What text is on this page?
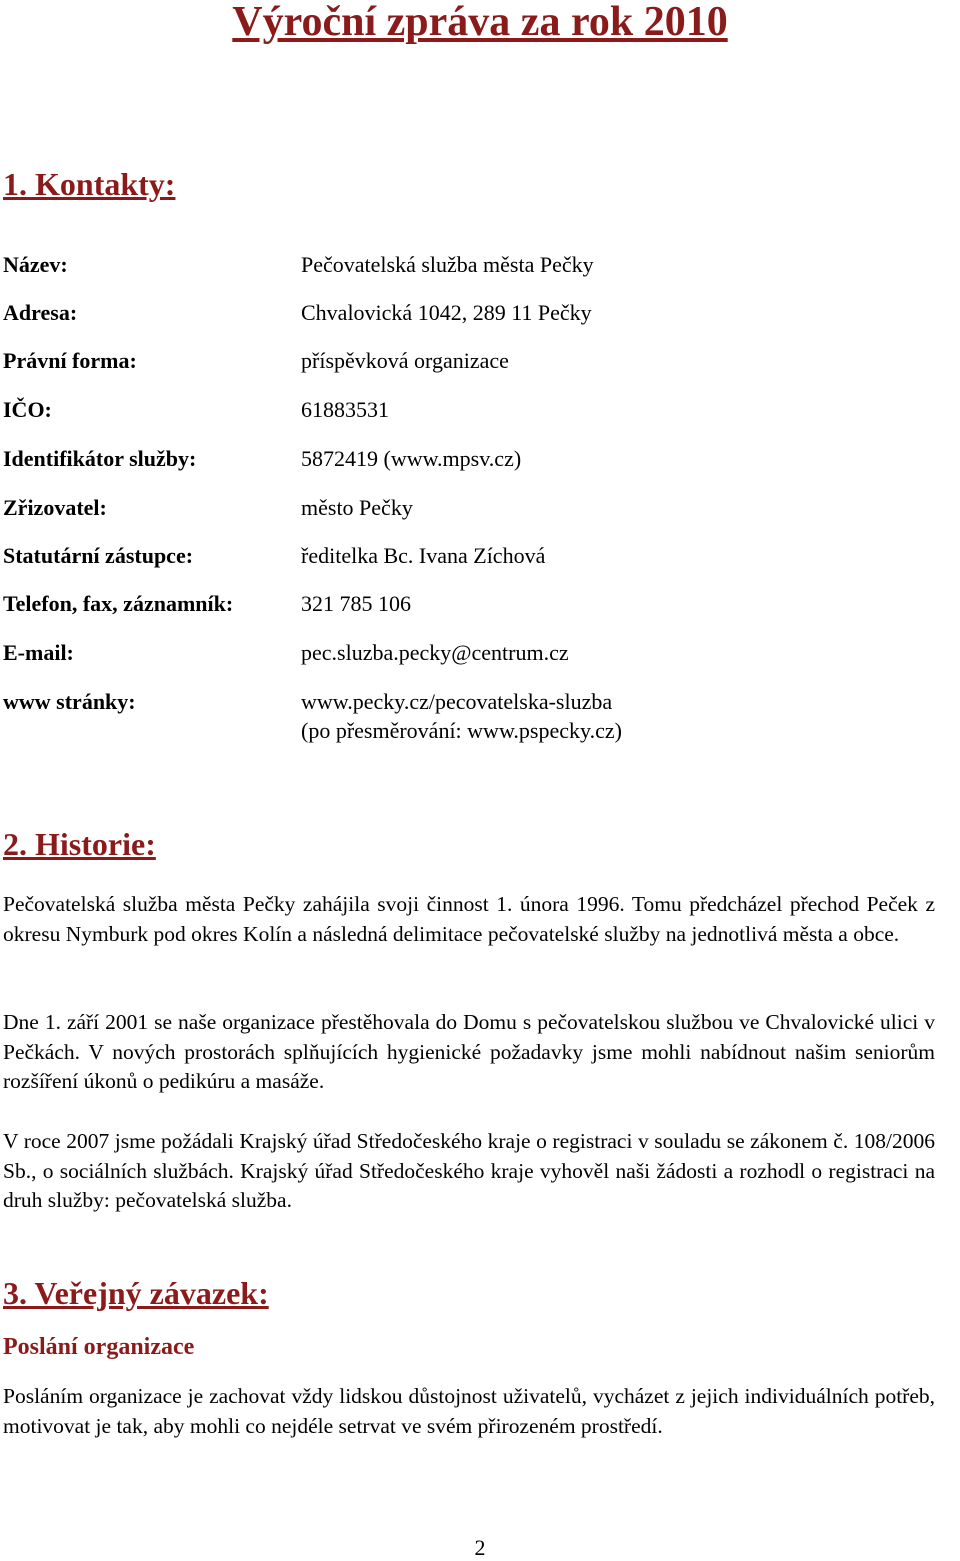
Výroční zpráva za rok 2010
1. Kontakty:
Název:	Pečovatelská služba města Pečky
Adresa:	Chvalovická 1042, 289 11 Pečky
Právní forma:	příspěvková organizace
IČO:	61883531
Identifikátor služby:	5872419 (www.mpsv.cz)
Zřizovatel:	město Pečky
Statutární zástupce:	ředitelka Bc. Ivana Zíchová
Telefon, fax, záznamník:	321 785 106
E-mail:	pec.sluzba.pecky@centrum.cz
www stránky:	www.pecky.cz/pecovatelska-sluzba
(po přesměrování: www.pspecky.cz)
2. Historie:
Pečovatelská služba města Pečky zahájila svoji činnost 1. února 1996. Tomu předcházel přechod Peček z okresu Nymburk pod okres Kolín a následná delimitace pečovatelské služby na jednotlivá města a obce.
Dne 1. září 2001 se naše organizace přestěhovala do Domu s pečovatelskou službou ve Chvalovické ulici v Pečkách. V nových prostorách splňujících hygienické požadavky jsme mohli nabídnout našim seniorům rozšíření úkonů o pedikúru a masáže.
V roce 2007 jsme požádali Krajský úřad Středočeského kraje o registraci v souladu se zákonem č. 108/2006 Sb., o sociálních službách. Krajský úřad Středočeského kraje vyhověl naši žádosti a rozhodl o registraci na druh služby: pečovatelská služba.
3. Veřejný závazek:
Poslání organizace
Posláním organizace je zachovat vždy lidskou důstojnost uživatelů, vycházet z jejich individuálních potřeb, motivovat je tak, aby mohli co nejdéle setrvat ve svém přirozeném prostředí.
2
